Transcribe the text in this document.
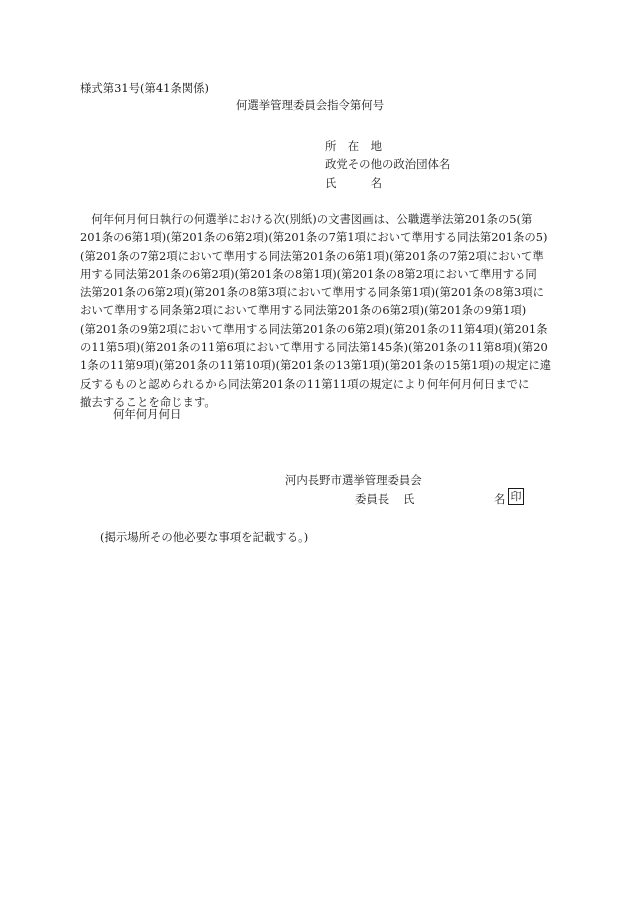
様式第31号(第41条関係)
何選挙管理委員会指令第何号
所　在　地
政党その他の政治団体名
氏　　　名
　何年何月何日執行の何選挙における次(別紙)の文書図画は、公職選挙法第201条の5(第
201条の6第1項)(第201条の6第2項)(第201条の7第1項において準用する同法第201条の5)
(第201条の7第2項において準用する同法第201条の6第1項)(第201条の7第2項において準
用する同法第201条の6第2項)(第201条の8第1項)(第201条の8第2項において準用する同
法第201条の6第2項)(第201条の8第3項において準用する同条第1項)(第201条の8第3項に
おいて準用する同条第2項において準用する同法第201条の6第2項)(第201条の9第1項)
(第201条の9第2項において準用する同法第201条の6第2項)(第201条の11第4項)(第201条
の11第5項)(第201条の11第6項において準用する同法第145条)(第201条の11第8項)(第20
1条の11第9項)(第201条の11第10項)(第201条の13第1項)(第201条の15第1項)の規定に違
反するものと認められるから同法第201条の11第11項の規定により何年何月何日までに
撤去することを命じます。
何年何月何日
河内長野市選挙管理委員会
委員長 氏	名 印
(掲示場所その他必要な事項を記載する。)
